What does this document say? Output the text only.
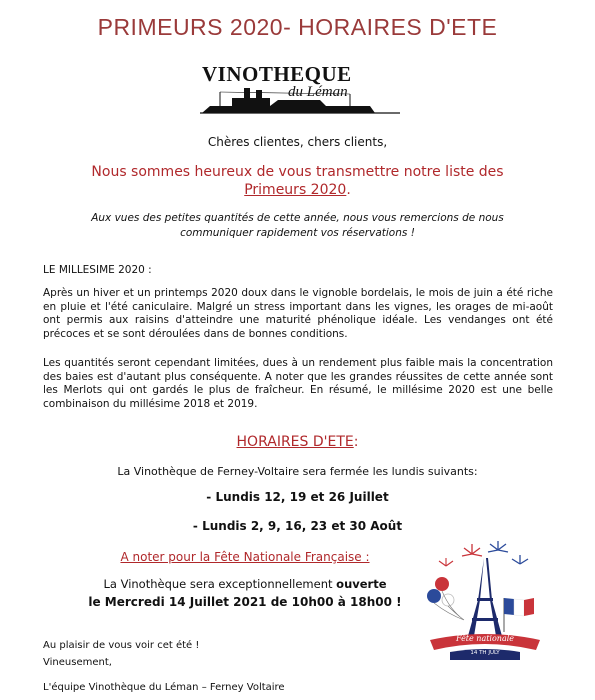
PRIMEURS 2020- HORAIRES D'ETE
VINOTHEQUE
du Léman
Chères clientes, chers clients,
Nous sommes heureux de vous transmettre notre liste des
Primeurs 2020.
Aux vues des petites quantités de cette année, nous vous remercions de nous communiquer rapidement vos réservations !
LE MILLESIME 2020 :
Après un hiver et un printemps 2020 doux dans le vignoble bordelais, le mois de juin a été riche en pluie et l'été caniculaire. Malgré un stress important dans les vignes, les orages de mi-août ont permis aux raisins d'atteindre une maturité phénolique idéale. Les vendanges ont été précoces et se sont déroulées dans de bonnes conditions.
Les quantités seront cependant limitées, dues à un rendement plus faible mais la concentration des baies est d'autant plus conséquente. A noter que les grandes réussites de cette année sont les Merlots qui ont gardés le plus de fraîcheur. En résumé, le millésime 2020 est une belle combinaison du millésime 2018 et 2019.
HORAIRES D'ETE:
La Vinothèque de Ferney-Voltaire sera fermée les lundis suivants:
- Lundis 12, 19 et 26 Juillet
- Lundis 2, 9, 16, 23 et 30 Août
A noter pour la Fête Nationale Française :
La Vinothèque sera exceptionnellement ouverte
le Mercredi 14 Juillet 2021 de 10h00 à 18h00 !
Fête nationale
14 TH JULY
Au plaisir de vous voir cet été !
Vineusement,
L'équipe Vinothèque du Léman – Ferney Voltaire
